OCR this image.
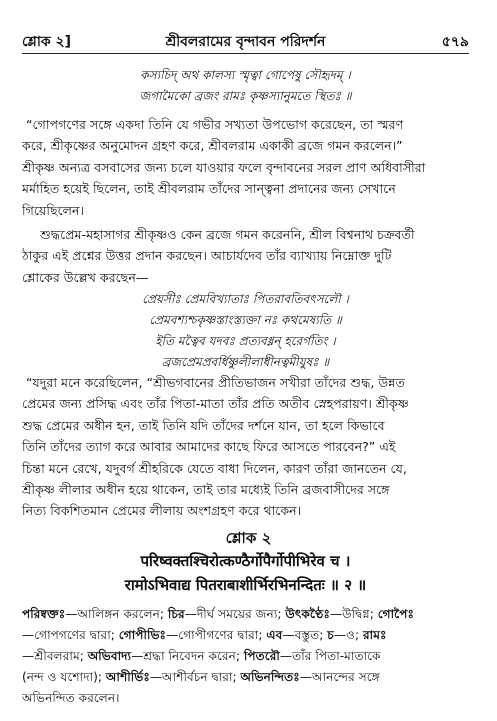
শ্লোক ২]	শ্রীবলরামের বৃন্দাবন পরিদর্শন	৫৭৯
কস্যচিদ্ অথ কালস্য স্মৃত্বা গোপেষু সৌহৃদম্ ।
জগামৈকো ব্রজং রামঃ কৃষ্ণস্যানুমতে স্থিতঃ ॥
“গোপগণের সঙ্গে একদা তিনি যে গভীর সখ্যতা উপভোগ করেছেন, তা স্মরণ
করে, শ্রীকৃষ্ণের অনুমোদন গ্রহণ করে, শ্রীবলরাম একাকী ব্রজে গমন করলেন।”
শ্রীকৃষ্ণ অন্যত্র বসবাসের জন্য চলে যাওয়ার ফলে বৃন্দাবনের সরল প্রাণ অধিবাসীরা
মর্মাহিত হয়েই ছিলেন, তাই শ্রীবলরাম তাঁদের সান্ত্বনা প্রদানের জন্য সেখানে
গিয়েছিলেন।
শুদ্ধপ্রেম-মহাসাগর শ্রীকৃষ্ণও কেন ব্রজে গমন করেননি, শ্রীল বিশ্বনাথ চক্রবর্তী
ঠাকুর এই প্রশ্নের উত্তর প্রদান করছেন। আচার্যদেব তাঁর ব্যাখ্যায় নিম্নোক্ত দুটি
শ্লোকের উল্লেখ করছেন—
প্রেয়সীঃ প্রেমবিখ্যাতাঃ পিতরাবতিবৎসলৌ ।
প্রেমবশ্যশ্চকৃষ্ণস্তাংস্ত্যক্তা নঃ কথমেষ্যতি ॥
ইতি মত্বৈব যদবঃ প্রত্যবধ্নন্ হরের্গতিং ।
ব্রজপ্রেমপ্রবর্ধিষ্ণুলীলাধীনত্বমীযুষঃ ॥
“যদুরা মনে করেছিলেন, “শ্রীভগবানের প্রীতিভাজন সখীরা তাঁদের শুদ্ধ, উন্নত
প্রেমের জন্য প্রসিদ্ধ এবং তাঁর পিতা-মাতা তাঁর প্রতি অতীব স্নেহপরায়ণ। শ্রীকৃষ্ণ
শুদ্ধ প্রেমের অধীন হন, তাই তিনি যদি তাঁদের দর্শনে যান, তা হলে কিভাবে
তিনি তাঁদের ত্যাগ করে আবার আমাদের কাছে ফিরে আসতে পারবেন?” এই
চিন্তা মনে রেখে, যদুবর্গ শ্রীহরিকে যেতে বাধা দিলেন, কারণ তাঁরা জানতেন যে,
শ্রীকৃষ্ণ লীলার অধীন হয়ে থাকেন, তাই তার মধ্যেই তিনি ব্রজবাসীদের সঙ্গে
নিত্য বিকশিতমান প্রেমের লীলায় অংশগ্রহণ করে থাকেন।
শ্লোক ২
परिष्वक्तश्चिरोत्कण्ठैर्गोपैर्गोपीभिरेव च ।
रामोऽभिवाद्य पितराबाशीर्भिरभिनन्दितः ॥ २ ॥
পরিষ্বক্তঃ—আলিঙ্গন করলেন; চির—দীর্ঘ সময়ের জন্য; উৎকণ্ঠৈঃ—উদ্বিগ্ন; গোপৈঃ
—গোপগণের দ্বারা; গোপীভিঃ—গোপীগণের দ্বারা; এব—বস্তুত; চ—ও; রামঃ
—শ্রীবলরাম; অভিবাদ্য—শ্রদ্ধা নিবেদন করেন; পিতরৌ—তাঁর পিতা-মাতাকে
(নন্দ ও যশোদা); আশীর্ভিঃ—আশীর্বচন দ্বারা; অভিনন্দিতঃ—আনন্দের সঙ্গে
অভিনন্দিত করলেন।
